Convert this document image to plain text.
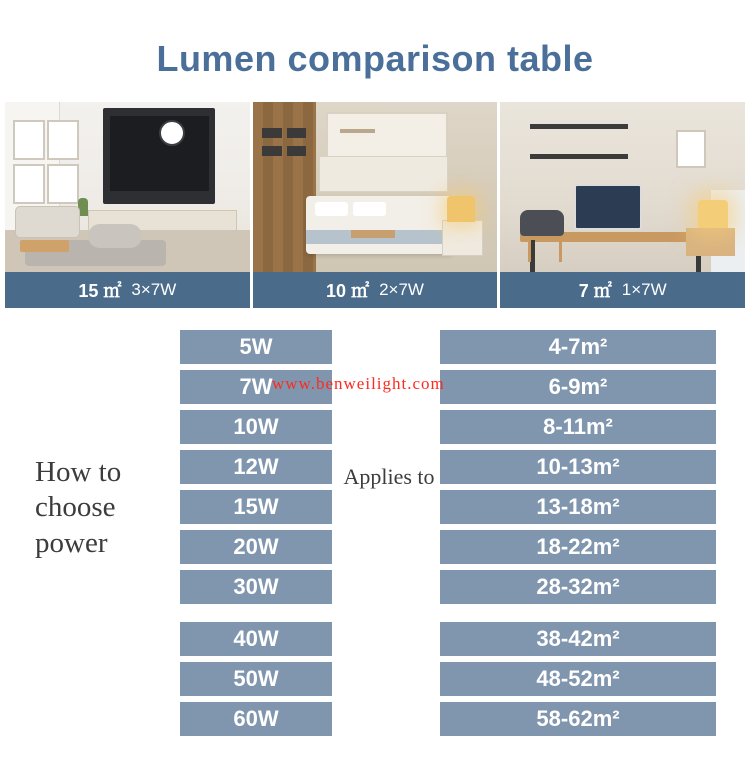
Lumen comparison table
15 ㎡ 3×7W	10 ㎡ 2×7W	7 ㎡ 1×7W
How to choose power
5W	4-7m²
7W	6-9m²
10W	8-11m²
12W	10-13m²
15W	13-18m²
20W	18-22m²
30W	28-32m²
40W	38-42m²
50W	48-52m²
60W	58-62m²
Applies to
www.benweilight.com
